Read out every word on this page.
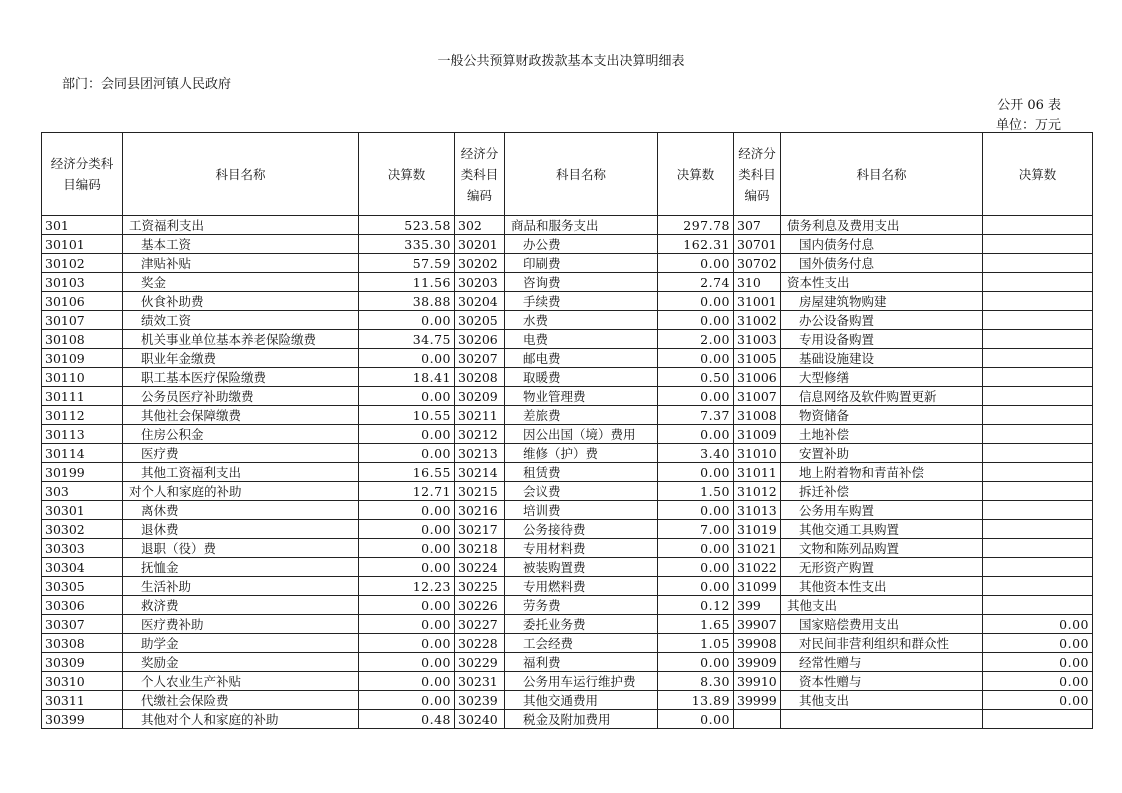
一般公共预算财政拨款基本支出决算明细表
部门：会同县团河镇人民政府
公开 06 表
单位：万元
经济分类科目编码	科目名称	决算数	经济分类科目编码	科目名称	决算数	经济分类科目编码	科目名称	决算数
301	工资福利支出	523.58	302	商品和服务支出	297.78	307	债务利息及费用支出	
30101	基本工资	335.30	30201	办公费	162.31	30701	国内债务付息	
30102	津贴补贴	57.59	30202	印刷费	0.00	30702	国外债务付息	
30103	奖金	11.56	30203	咨询费	2.74	310	资本性支出	
30106	伙食补助费	38.88	30204	手续费	0.00	31001	房屋建筑物购建	
30107	绩效工资	0.00	30205	水费	0.00	31002	办公设备购置	
30108	机关事业单位基本养老保险缴费	34.75	30206	电费	2.00	31003	专用设备购置	
30109	职业年金缴费	0.00	30207	邮电费	0.00	31005	基础设施建设	
30110	职工基本医疗保险缴费	18.41	30208	取暖费	0.50	31006	大型修缮	
30111	公务员医疗补助缴费	0.00	30209	物业管理费	0.00	31007	信息网络及软件购置更新	
30112	其他社会保障缴费	10.55	30211	差旅费	7.37	31008	物资储备	
30113	住房公积金	0.00	30212	因公出国（境）费用	0.00	31009	土地补偿	
30114	医疗费	0.00	30213	维修（护）费	3.40	31010	安置补助	
30199	其他工资福利支出	16.55	30214	租赁费	0.00	31011	地上附着物和青苗补偿	
303	对个人和家庭的补助	12.71	30215	会议费	1.50	31012	拆迁补偿	
30301	离休费	0.00	30216	培训费	0.00	31013	公务用车购置	
30302	退休费	0.00	30217	公务接待费	7.00	31019	其他交通工具购置	
30303	退职（役）费	0.00	30218	专用材料费	0.00	31021	文物和陈列品购置	
30304	抚恤金	0.00	30224	被装购置费	0.00	31022	无形资产购置	
30305	生活补助	12.23	30225	专用燃料费	0.00	31099	其他资本性支出	
30306	救济费	0.00	30226	劳务费	0.12	399	其他支出	
30307	医疗费补助	0.00	30227	委托业务费	1.65	39907	国家赔偿费用支出	0.00
30308	助学金	0.00	30228	工会经费	1.05	39908	对民间非营利组织和群众性	0.00
30309	奖励金	0.00	30229	福利费	0.00	39909	经常性赠与	0.00
30310	个人农业生产补贴	0.00	30231	公务用车运行维护费	8.30	39910	资本性赠与	0.00
30311	代缴社会保险费	0.00	30239	其他交通费用	13.89	39999	其他支出	0.00
30399	其他对个人和家庭的补助	0.48	30240	税金及附加费用	0.00			
